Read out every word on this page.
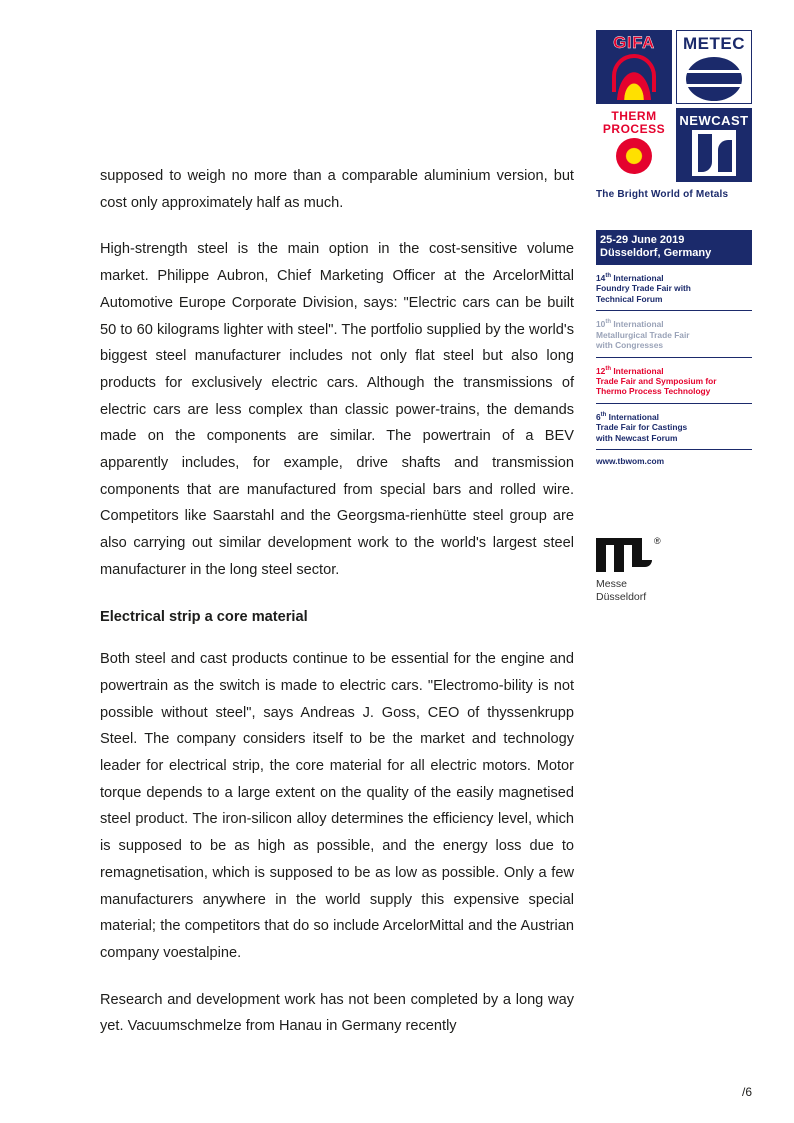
supposed to weigh no more than a comparable aluminium version, but cost only approximately half as much.

High-strength steel is the main option in the cost-sensitive volume market. Philippe Aubron, Chief Marketing Officer at the ArcelorMittal Automotive Europe Corporate Division, says: "Electric cars can be built 50 to 60 kilograms lighter with steel". The portfolio supplied by the world's biggest steel manufacturer includes not only flat steel but also long products for exclusively electric cars. Although the transmissions of electric cars are less complex than classic power-trains, the demands made on the components are similar. The powertrain of a BEV apparently includes, for example, drive shafts and transmission components that are manufactured from special bars and rolled wire. Competitors like Saarstahl and the Georgsma-rienhütte steel group are also carrying out similar development work to the world's largest steel manufacturer in the long steel sector.

Electrical strip a core material

Both steel and cast products continue to be essential for the engine and powertrain as the switch is made to electric cars. "Electromo-bility is not possible without steel", says Andreas J. Goss, CEO of thyssenkrupp Steel. The company considers itself to be the market and technology leader for electrical strip, the core material for all electric motors. Motor torque depends to a large extent on the quality of the easily magnetised steel product. The iron-silicon alloy determines the efficiency level, which is supposed to be as high as possible, and the energy loss due to remagnetisation, which is supposed to be as low as possible. Only a few manufacturers anywhere in the world supply this expensive special material; the competitors that do so include ArcelorMittal and the Austrian company voestalpine.

Research and development work has not been completed by a long way yet. Vacuumschmelze from Hanau in Germany recently

/6
GIFA	METEC
THERM
PROCESS
NEWCAST
The Bright World of Metals
25-29 June 2019
Düsseldorf, Germany
14th International
Foundry Trade Fair with
Technical Forum
10th International
Metallurgical Trade Fair
with Congresses
12th International
Trade Fair and Symposium for
Thermo Process Technology
6th International
Trade Fair for Castings
with Newcast Forum
www.tbwom.com
®
Messe
Düsseldorf
